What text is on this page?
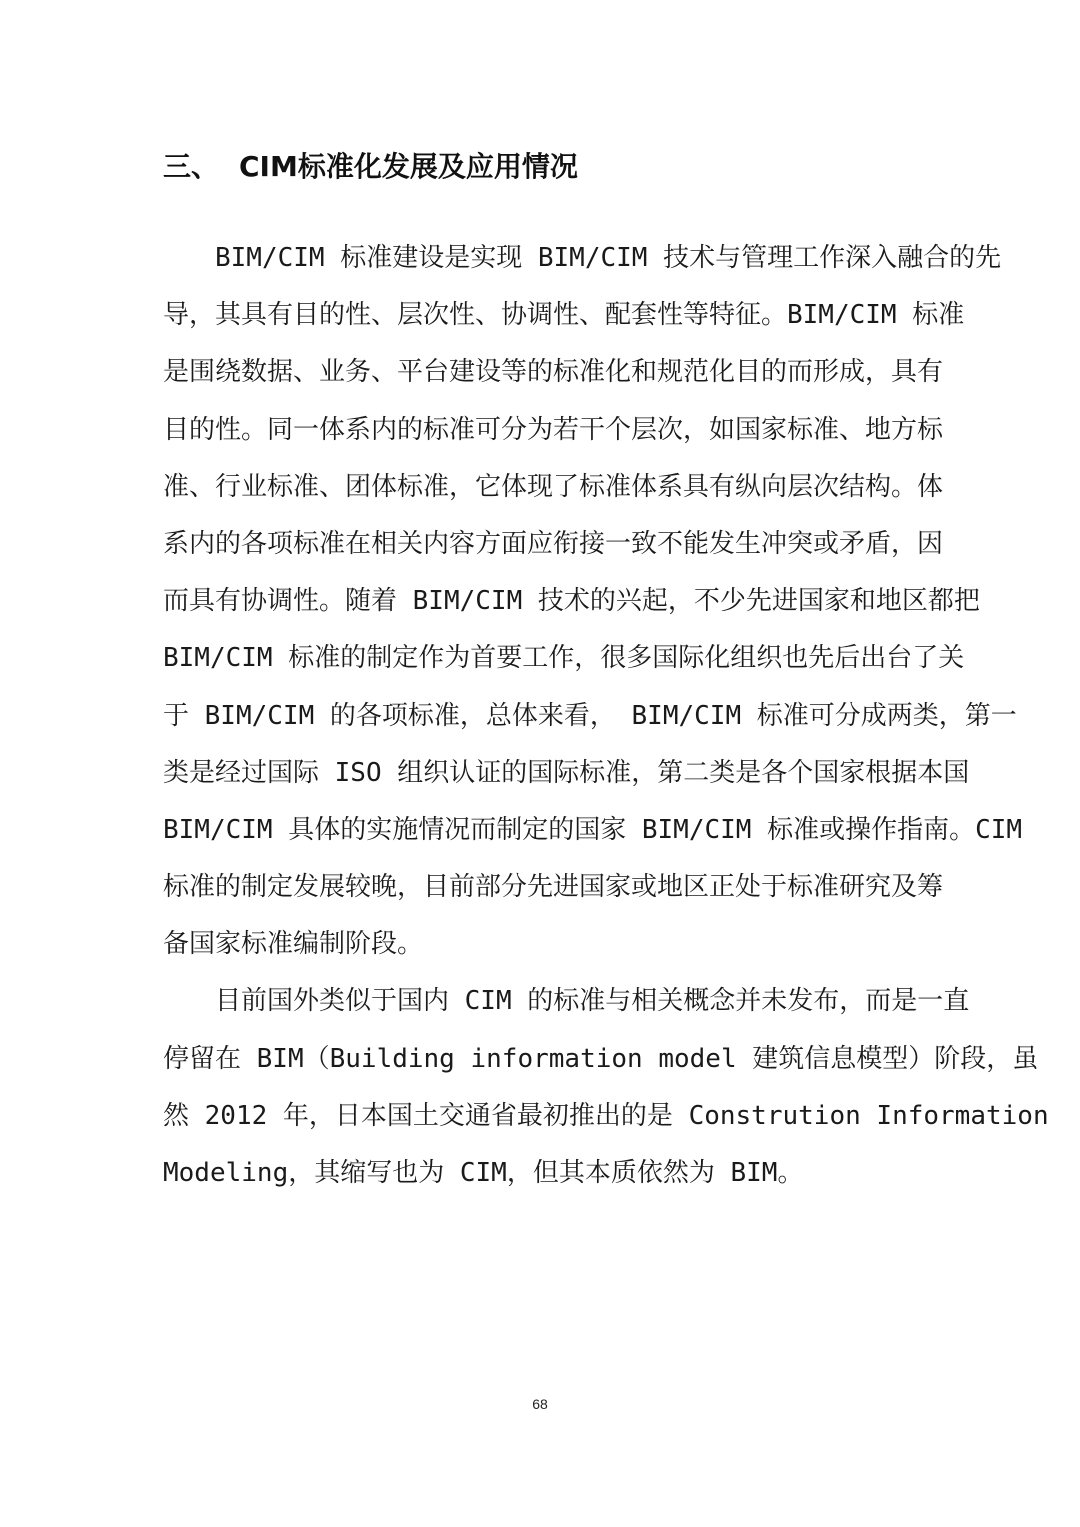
三、 CIM标准化发展及应用情况
BIM/CIM 标准建设是实现 BIM/CIM 技术与管理工作深入融合的先
导，其具有目的性、层次性、协调性、配套性等特征。BIM/CIM 标准
是围绕数据、业务、平台建设等的标准化和规范化目的而形成，具有
目的性。同一体系内的标准可分为若干个层次，如国家标准、地方标
准、行业标准、团体标准，它体现了标准体系具有纵向层次结构。体
系内的各项标准在相关内容方面应衔接一致不能发生冲突或矛盾，因
而具有协调性。随着 BIM/CIM 技术的兴起，不少先进国家和地区都把
BIM/CIM 标准的制定作为首要工作，很多国际化组织也先后出台了关
于 BIM/CIM 的各项标准，总体来看， BIM/CIM 标准可分成两类，第一
类是经过国际 ISO 组织认证的国际标准，第二类是各个国家根据本国
BIM/CIM 具体的实施情况而制定的国家 BIM/CIM 标准或操作指南。CIM
标准的制定发展较晚，目前部分先进国家或地区正处于标准研究及筹
备国家标准编制阶段。
目前国外类似于国内 CIM 的标准与相关概念并未发布，而是一直
停留在 BIM（Building information model 建筑信息模型）阶段，虽
然 2012 年，日本国土交通省最初推出的是 Constrution Information
Modeling，其缩写也为 CIM，但其本质依然为 BIM。
68
